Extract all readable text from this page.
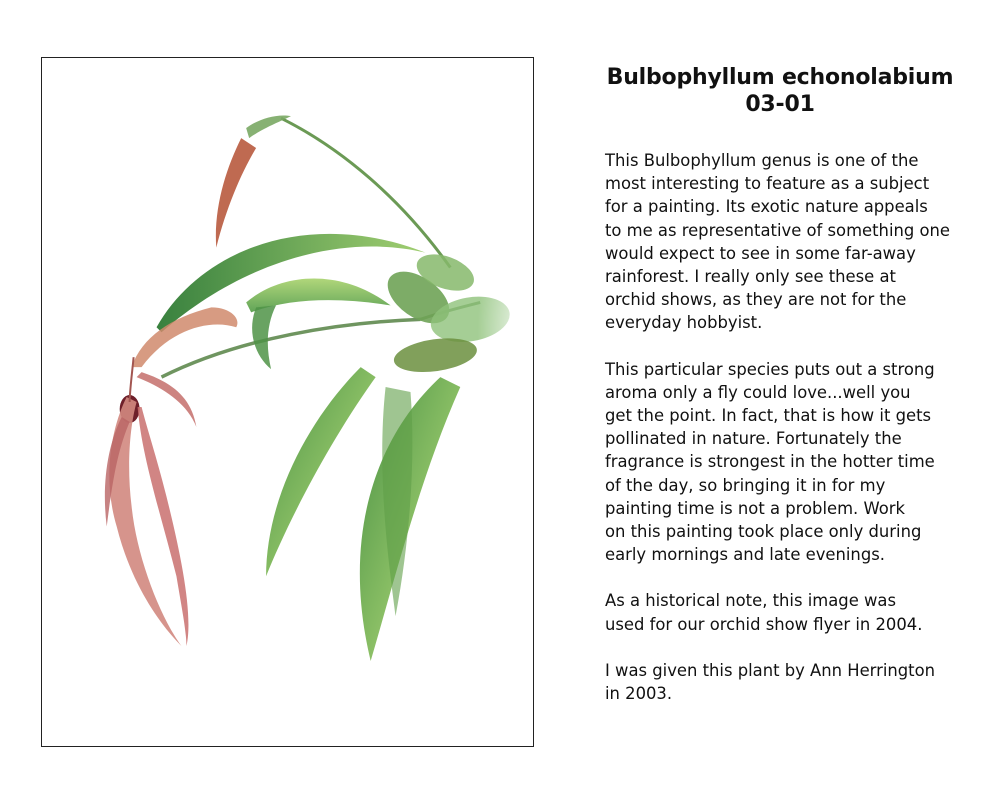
Bulbophyllum echonolabium
03-01

This Bulbophyllum genus is one of the
most interesting to feature as a subject
for a painting. Its exotic nature appeals
to me as representative of something one
would expect to see in some far-away
rainforest. I really only see these at
orchid shows, as they are not for the
everyday hobbyist.

This particular species puts out a strong
aroma only a fly could love...well you
get the point. In fact, that is how it gets
pollinated in nature. Fortunately the
fragrance is strongest in the hotter time
of the day, so bringing it in for my
painting time is not a problem. Work
on this painting took place only during
early mornings and late evenings.

As a historical note, this image was
used for our orchid show flyer in 2004.

I was given this plant by Ann Herrington
in 2003.
